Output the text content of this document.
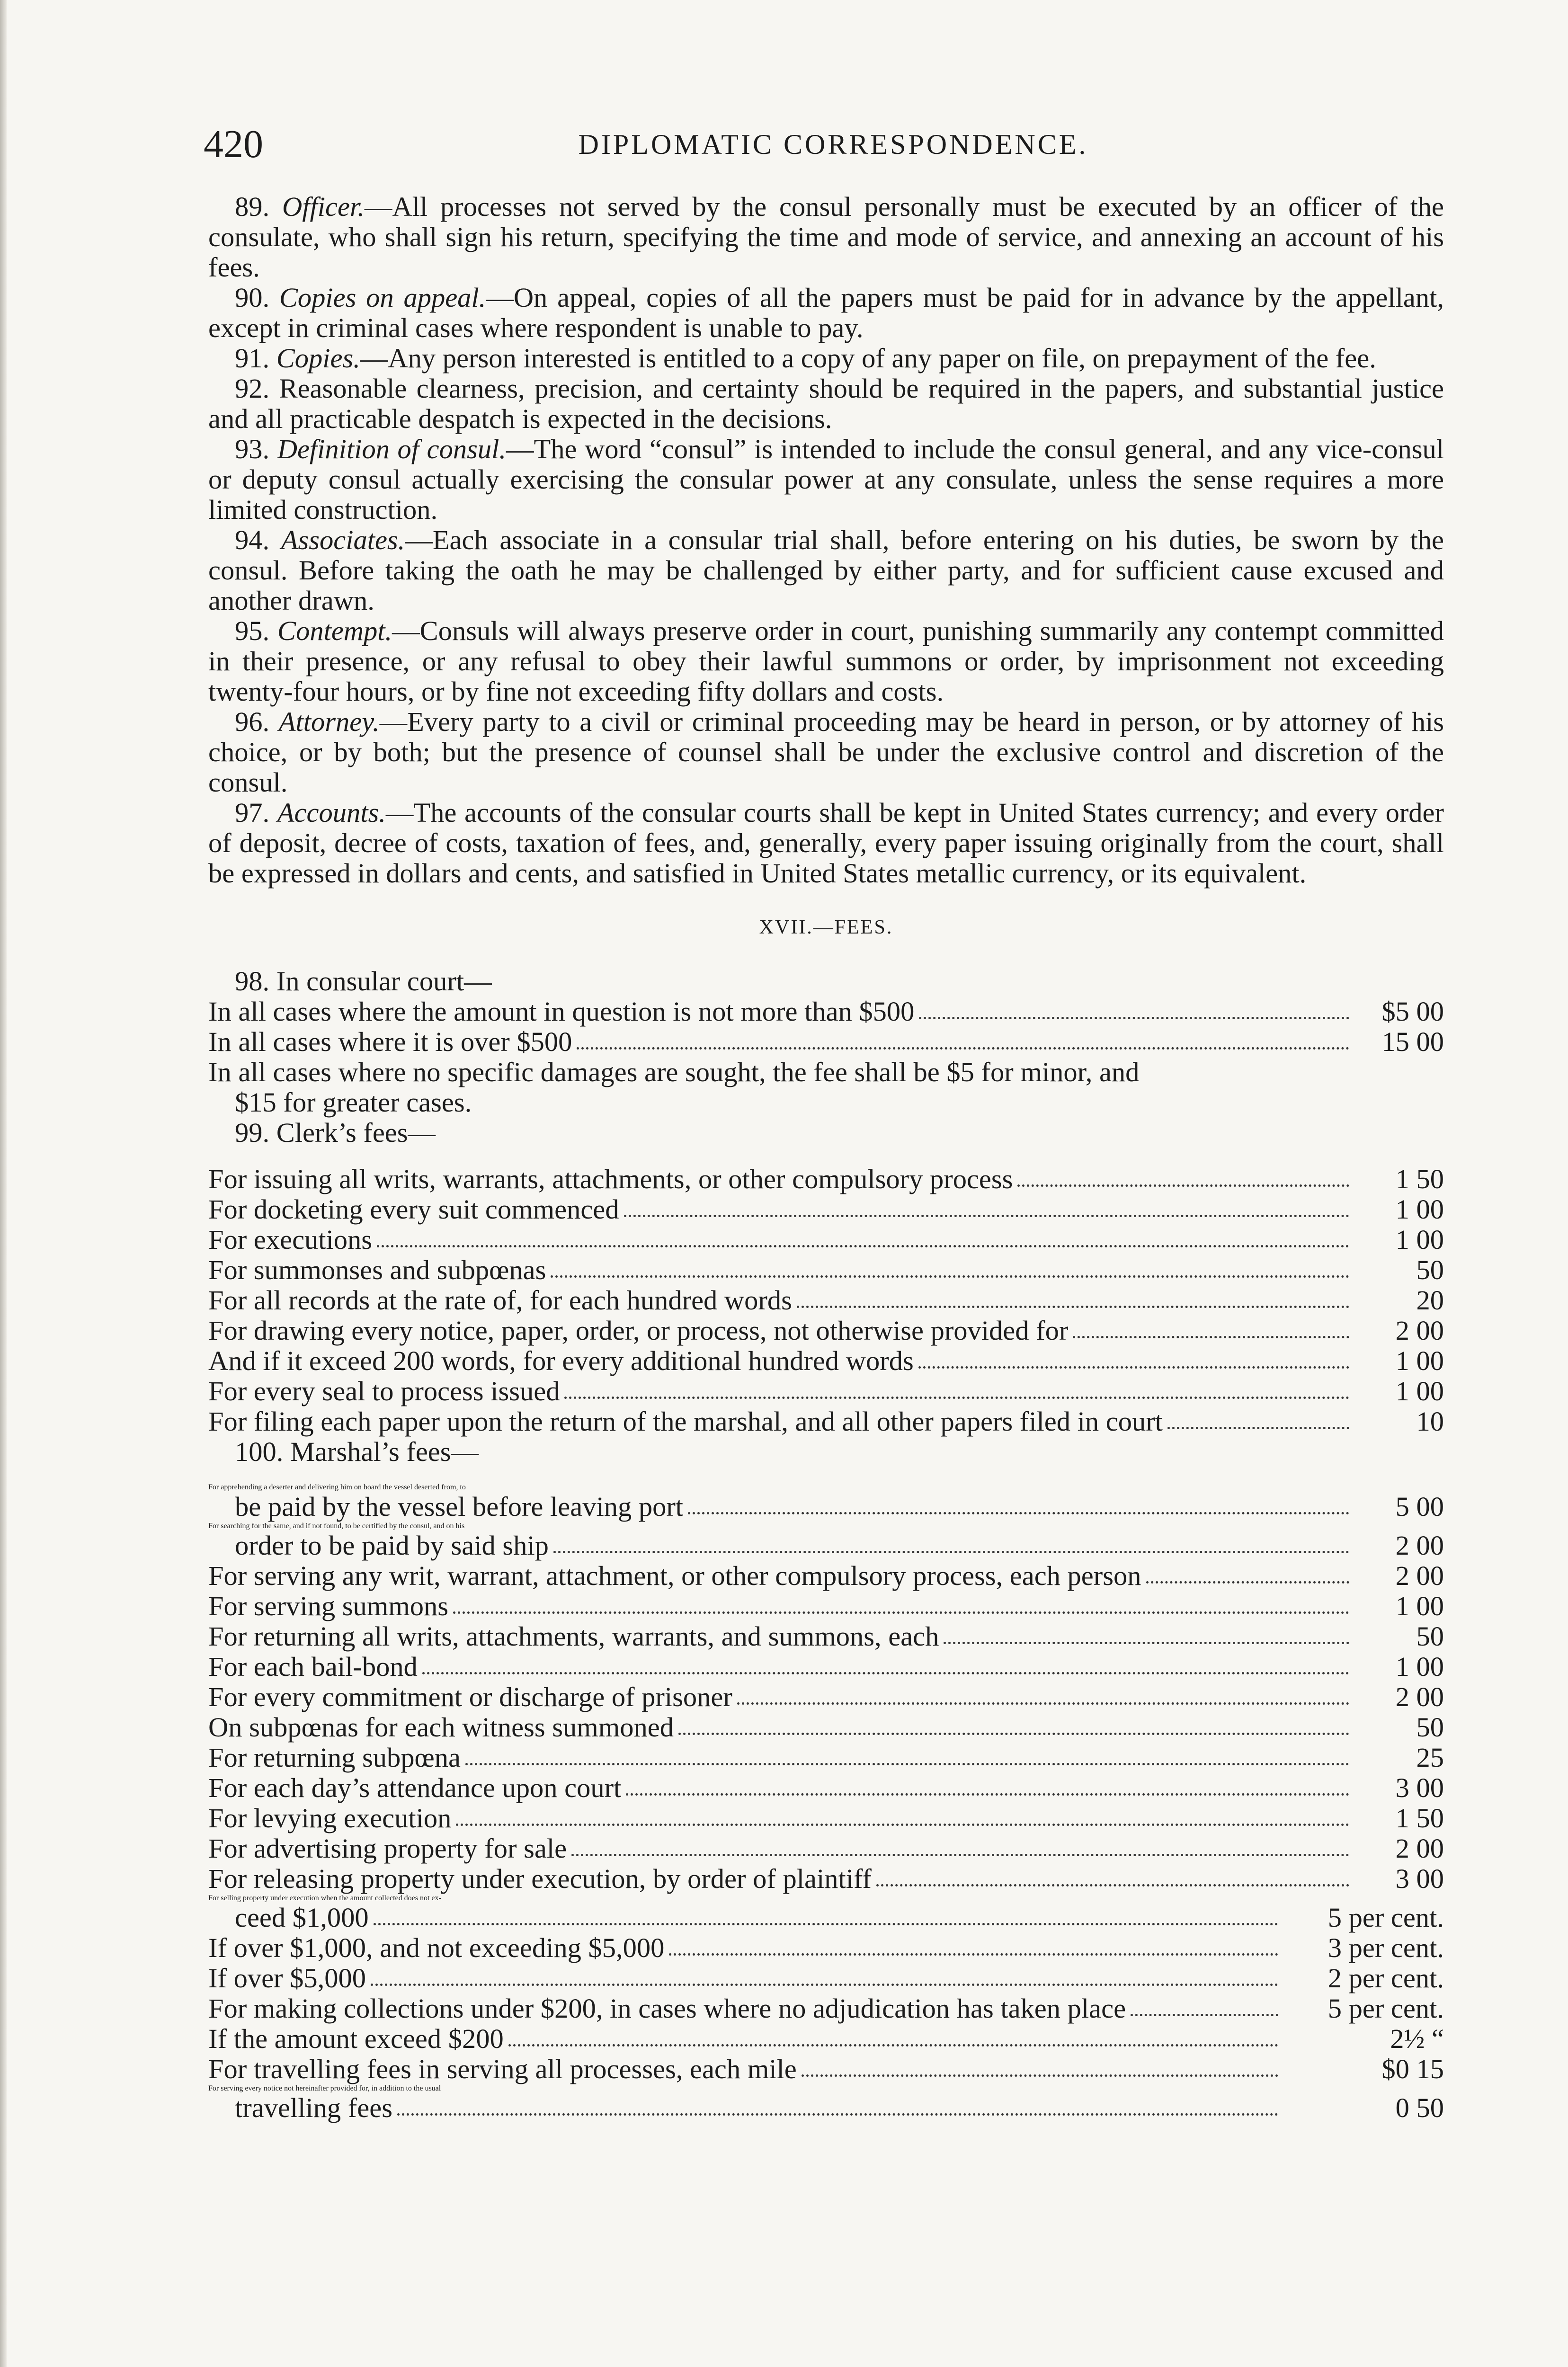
420	DIPLOMATIC CORRESPONDENCE.

89. Officer.—All processes not served by the consul personally must be executed by an officer of the consulate, who shall sign his return, specifying the time and mode of service, and annexing an account of his fees.

90. Copies on appeal.—On appeal, copies of all the papers must be paid for in advance by the appellant, except in criminal cases where respondent is unable to pay.

91. Copies.—Any person interested is entitled to a copy of any paper on file, on prepayment of the fee.

92. Reasonable clearness, precision, and certainty should be required in the papers, and substantial justice and all practicable despatch is expected in the decisions.

93. Definition of consul.—The word “consul” is intended to include the consul general, and any vice-consul or deputy consul actually exercising the consular power at any consulate, unless the sense requires a more limited construction.

94. Associates.—Each associate in a consular trial shall, before entering on his duties, be sworn by the consul. Before taking the oath he may be challenged by either party, and for sufficient cause excused and another drawn.

95. Contempt.—Consuls will always preserve order in court, punishing summarily any contempt committed in their presence, or any refusal to obey their lawful summons or order, by imprisonment not exceeding twenty-four hours, or by fine not exceeding fifty dollars and costs.

96. Attorney.—Every party to a civil or criminal proceeding may be heard in person, or by attorney of his choice, or by both; but the presence of counsel shall be under the exclusive control and discretion of the consul.

97. Accounts.—The accounts of the consular courts shall be kept in United States currency; and every order of deposit, decree of costs, taxation of fees, and, generally, every paper issuing originally from the court, shall be expressed in dollars and cents, and satisfied in United States metallic currency, or its equivalent.

XVII.—FEES.
98. In consular court—
In all cases where the amount in question is not more than $500	$5 00
In all cases where it is over $500	15 00
In all cases where no specific damages are sought, the fee shall be $5 for minor, and
$15 for greater cases.
99. Clerk’s fees—
For issuing all writs, warrants, attachments, or other compulsory process	1 50
For docketing every suit commenced	1 00
For executions	1 00
For summonses and subpœnas	50
For all records at the rate of, for each hundred words	20
For drawing every notice, paper, order, or process, not otherwise provided for	2 00
And if it exceed 200 words, for every additional hundred words	1 00
For every seal to process issued	1 00
For filing each paper upon the return of the marshal, and all other papers filed in court	10
100. Marshal’s fees—
For apprehending a deserter and delivering him on board the vessel deserted from, to
be paid by the vessel before leaving port	5 00
For searching for the same, and if not found, to be certified by the consul, and on his
order to be paid by said ship	2 00
For serving any writ, warrant, attachment, or other compulsory process, each person	2 00
For serving summons	1 00
For returning all writs, attachments, warrants, and summons, each	50
For each bail-bond	1 00
For every commitment or discharge of prisoner	2 00
On subpœnas for each witness summoned	50
For returning subpœna	25
For each day’s attendance upon court	3 00
For levying execution	1 50
For advertising property for sale	2 00
For releasing property under execution, by order of plaintiff	3 00
For selling property under execution when the amount collected does not ex-
ceed $1,000	5 per cent.
If over $1,000, and not exceeding $5,000	3 per cent.
If over $5,000	2 per cent.
For making collections under $200, in cases where no adjudication has taken place	5 per cent.
If the amount exceed $200	2½ “
For travelling fees in serving all processes, each mile	$0 15
For serving every notice not hereinafter provided for, in addition to the usual
travelling fees	0 50
